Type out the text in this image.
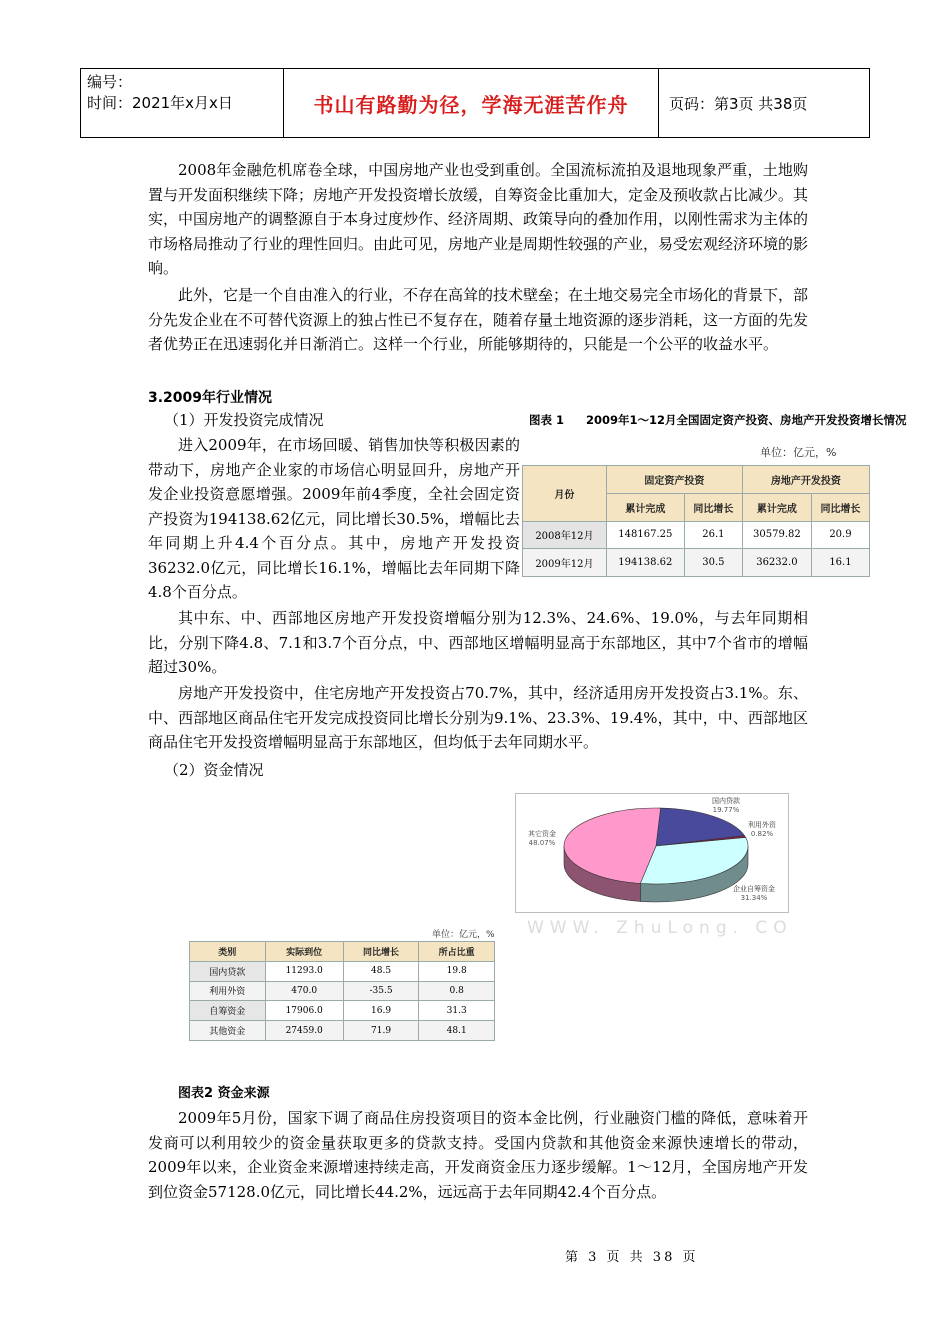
编号：
时间：2021年x月x日	书山有路勤为径，学海无涯苦作舟	页码：第3页 共38页
2008年金融危机席卷全球，中国房地产业也受到重创。全国流标流拍及退地现象严重，土地购置与开发面积继续下降；房地产开发投资增长放缓，自筹资金比重加大，定金及预收款占比减少。其实，中国房地产的调整源自于本身过度炒作、经济周期、政策导向的叠加作用，以刚性需求为主体的市场格局推动了行业的理性回归。由此可见，房地产业是周期性较强的产业，易受宏观经济环境的影响。
此外，它是一个自由准入的行业，不存在高耸的技术壁垒；在土地交易完全市场化的背景下，部分先发企业在不可替代资源上的独占性已不复存在，随着存量土地资源的逐步消耗，这一方面的先发者优势正在迅速弱化并日渐消亡。这样一个行业，所能够期待的，只能是一个公平的收益水平。
3.2009年行业情况
（1）开发投资完成情况
进入2009年，在市场回暖、销售加快等积极因素的带动下，房地产企业家的市场信心明显回升，房地产开发企业投资意愿增强。2009年前4季度，全社会固定资产投资为194138.62亿元，同比增长30.5%，增幅比去年同期上升4.4个百分点。其中，房地产开发投资36232.0亿元，同比增长16.1%，增幅比去年同期下降4.8个百分点。
图表 1 2009年1～12月全国固定资产投资、房地产开发投资增长情况
单位：亿元，%
月份	固定资产投资		房地产开发投资	
	累计完成	同比增长	累计完成	同比增长
2008年12月	148167.25	26.1	30579.82	20.9
2009年12月	194138.62	30.5	36232.0	16.1
其中东、中、西部地区房地产开发投资增幅分别为12.3%、24.6%、19.0%，与去年同期相比，分别下降4.8、7.1和3.7个百分点，中、西部地区增幅明显高于东部地区，其中7个省市的增幅超过30%。
房地产开发投资中，住宅房地产开发投资占70.7%，其中，经济适用房开发投资占3.1%。东、中、西部地区商品住宅开发完成投资同比增长分别为9.1%、23.3%、19.4%，其中，中、西部地区商品住宅开发投资增幅明显高于东部地区，但均低于去年同期水平。
（2）资金情况
国内贷款
19.77%
利用外资
0.82%
企业自筹资金
31.34%
其它资金
48.07%
WWW. ZhuLong. CO
单位：亿元，%
类别	实际到位	同比增长	所占比重
国内贷款	11293.0	48.5	19.8
利用外资	470.0	-35.5	0.8
自筹资金	17906.0	16.9	31.3
其他资金	27459.0	71.9	48.1
图表2 资金来源
2009年5月份，国家下调了商品住房投资项目的资本金比例，行业融资门槛的降低，意味着开发商可以利用较少的资金量获取更多的贷款支持。受国内贷款和其他资金来源快速增长的带动，2009年以来，企业资金来源增速持续走高，开发商资金压力逐步缓解。1～12月，全国房地产开发到位资金57128.0亿元，同比增长44.2%，远远高于去年同期42.4个百分点。
第 3 页 共 38 页
